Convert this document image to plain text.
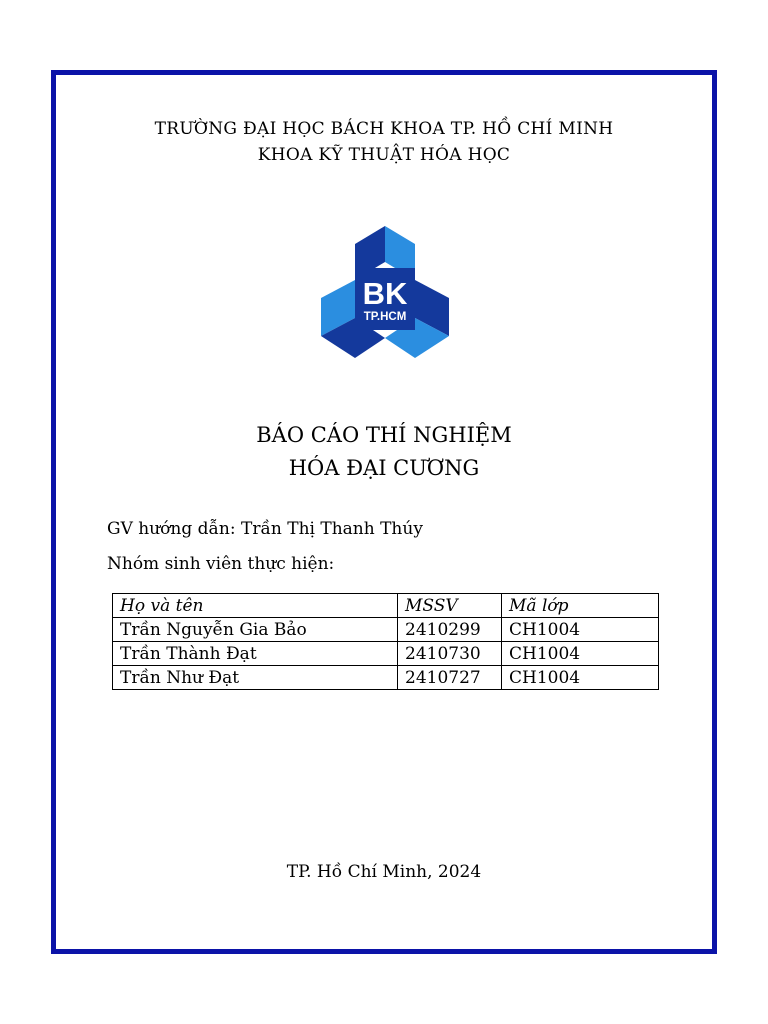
TRƯỜNG ĐẠI HỌC BÁCH KHOA TP. HỒ CHÍ MINH
KHOA KỸ THUẬT HÓA HỌC
BK
TP.HCM
BÁO CÁO THÍ NGHIỆM
HÓA ĐẠI CƯƠNG
GV hướng dẫn: Trần Thị Thanh Thúy
Nhóm sinh viên thực hiện:
Họ và tên	MSSV	Mã lớp
Trần Nguyễn Gia Bảo	2410299	CH1004
Trần Thành Đạt	2410730	CH1004
Trần Như Đạt	2410727	CH1004
TP. Hồ Chí Minh, 2024
